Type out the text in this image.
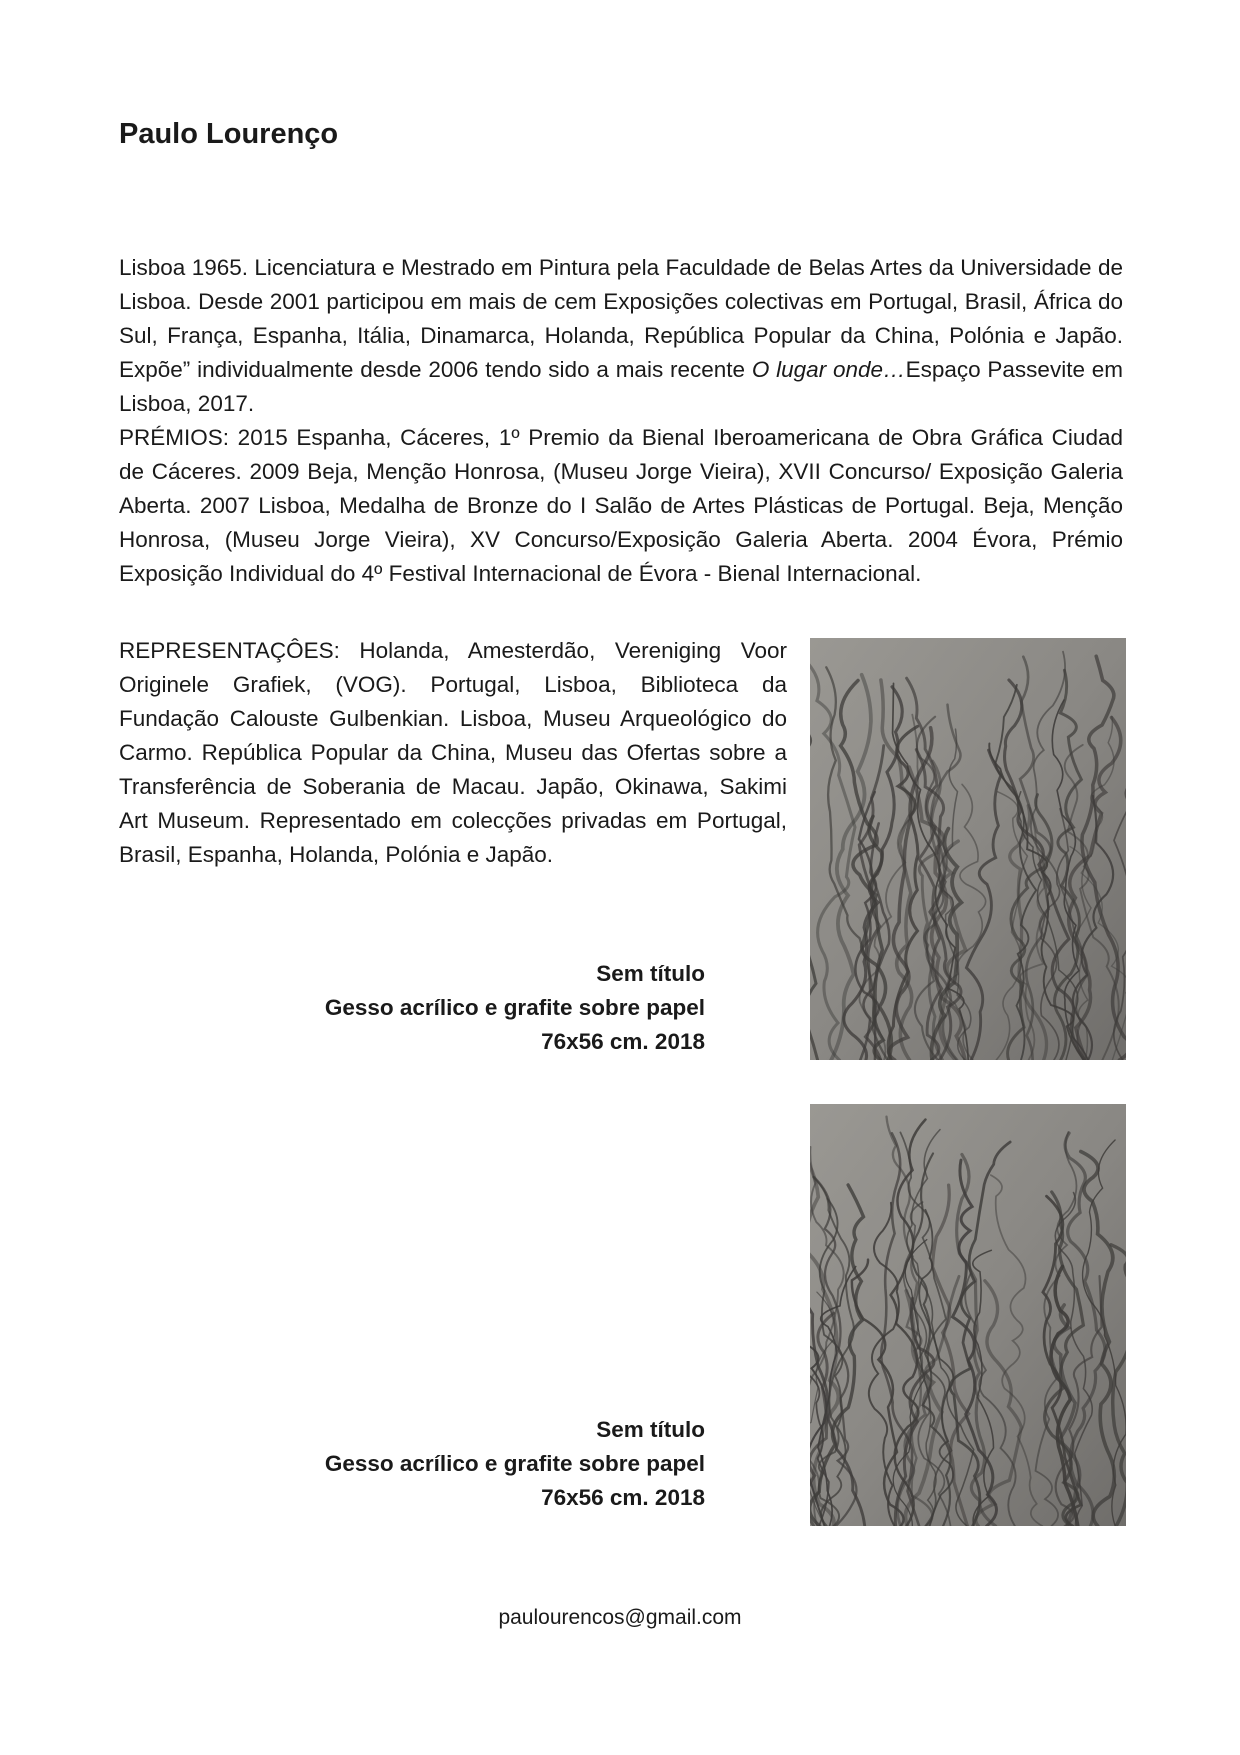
Paulo Lourenço
Lisboa 1965. Licenciatura e Mestrado em Pintura pela Faculdade de Belas Artes da Universidade de Lisboa. Desde 2001 participou em mais de cem Exposições colectivas em Portugal, Brasil, África do Sul, França, Espanha, Itália, Dinamarca, Holanda, República Popular da China, Polónia e Japão. Expõe” individualmente desde 2006 tendo sido a mais recente O lugar onde…Espaço Passevite em Lisboa, 2017.
PRÉMIOS: 2015 Espanha, Cáceres, 1º Premio da Bienal Iberoamericana de Obra Gráfica Ciudad de Cáceres. 2009 Beja, Menção Honrosa, (Museu Jorge Vieira), XVII Concurso/ Exposição Galeria Aberta. 2007 Lisboa, Medalha de Bronze do I Salão de Artes Plásticas de Portugal. Beja, Menção Honrosa, (Museu Jorge Vieira), XV Concurso/Exposição Galeria Aberta. 2004 Évora, Prémio Exposição Individual do 4º Festival Internacional de Évora - Bienal Internacional.

REPRESENTAÇÔES: Holanda, Amesterdão, Vereniging Voor Originele Grafiek, (VOG). Portugal, Lisboa, Biblioteca da Fundação Calouste Gulbenkian. Lisboa, Museu Arqueológico do Carmo. República Popular da China, Museu das Ofertas sobre a Transferência de Soberania de Macau. Japão, Okinawa, Sakimi Art Museum. Representado em colecções privadas em Portugal, Brasil, Espanha, Holanda, Polónia e Japão.

Sem título
Gesso acrílico e grafite sobre papel
76x56 cm. 2018
Sem título
Gesso acrílico e grafite sobre papel
76x56 cm. 2018

paulourencos@gmail.com
